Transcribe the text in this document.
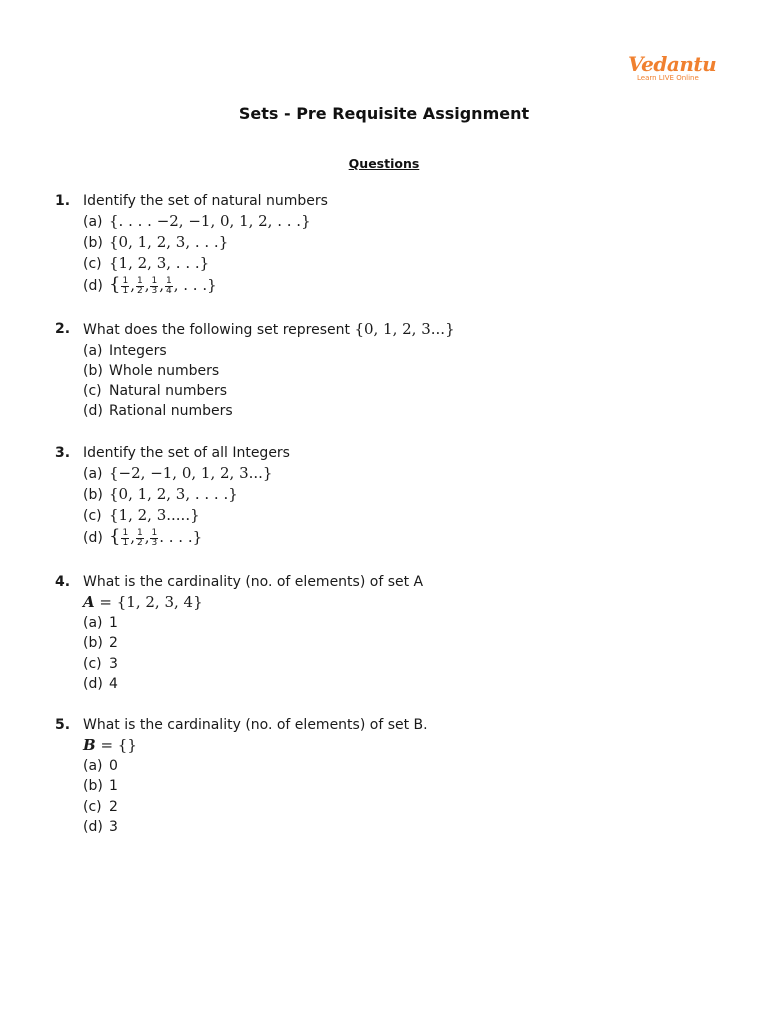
Vedantu
Learn LIVE Online
Sets - Pre Requisite Assignment
Questions
1. Identify the set of natural numbers
(a) {. . . . −2, −1, 0, 1, 2, . . .}
(b) {0, 1, 2, 3, . . .}
(c) {1, 2, 3, . . .}
(d) { $\frac{1}{1}$ , $\frac{1}{2}$ , $\frac{1}{3}$ , $\frac{1}{4}$ , . . .}
2. What does the following set represent {0, 1, 2, 3...}
(a) Integers
(b) Whole numbers
(c) Natural numbers
(d) Rational numbers
3. Identify the set of all Integers
(a) {−2, −1, 0, 1, 2, 3...}
(b) {0, 1, 2, 3, . . . .}
(c) {1, 2, 3.....}
(d) { $\frac{1}{1}$ , $\frac{1}{2}$ , $\frac{1}{3}$ . . . .}
4. What is the cardinality (no. of elements) of set A
A = {1, 2, 3, 4}
(a) 1
(b) 2
(c) 3
(d) 4
5. What is the cardinality (no. of elements) of set B.
B = {}
(a) 0
(b) 1
(c) 2
(d) 3
